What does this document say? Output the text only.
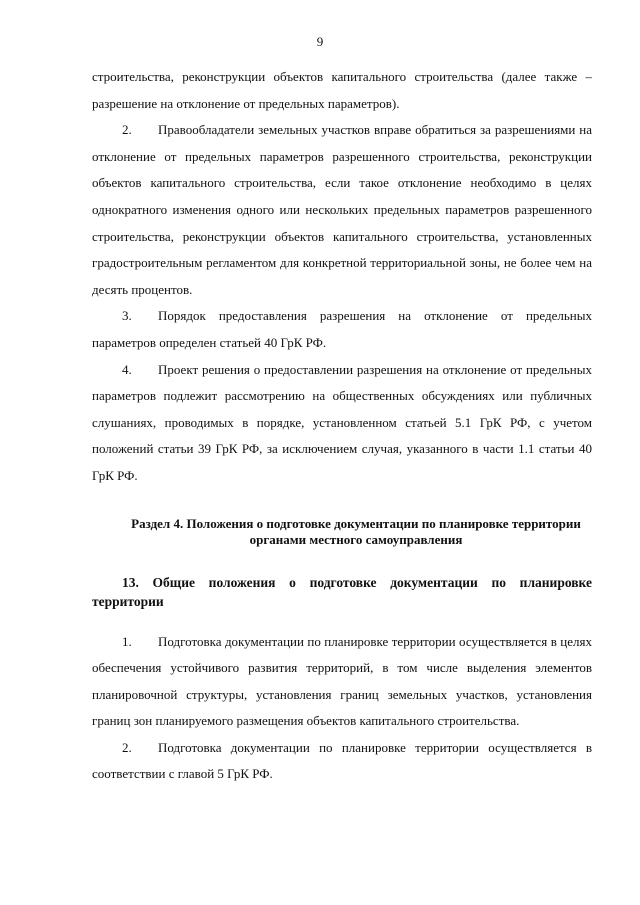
9

строительства, реконструкции объектов капитального строительства (далее также – разрешение на отклонение от предельных параметров).

2. Правообладатели земельных участков вправе обратиться за разрешениями на отклонение от предельных параметров разрешенного строительства, реконструкции объектов капитального строительства, если такое отклонение необходимо в целях однократного изменения одного или нескольких предельных параметров разрешенного строительства, реконструкции объектов капитального строительства, установленных градостроительным регламентом для конкретной территориальной зоны, не более чем на десять процентов.

3. Порядок предоставления разрешения на отклонение от предельных параметров определен статьей 40 ГрК РФ.

4. Проект решения о предоставлении разрешения на отклонение от предельных параметров подлежит рассмотрению на общественных обсуждениях или публичных слушаниях, проводимых в порядке, установленном статьей 5.1 ГрК РФ, с учетом положений статьи 39 ГрК РФ, за исключением случая, указанного в части 1.1 статьи 40 ГрК РФ.

Раздел 4. Положения о подготовке документации по планировке территории органами местного самоуправления
13. Общие положения о подготовке документации по планировке территории

1. Подготовка документации по планировке территории осуществляется в целях обеспечения устойчивого развития территорий, в том числе выделения элементов планировочной структуры, установления границ земельных участков, установления границ зон планируемого размещения объектов капитального строительства.

2. Подготовка документации по планировке территории осуществляется в соответствии с главой 5 ГрК РФ.
